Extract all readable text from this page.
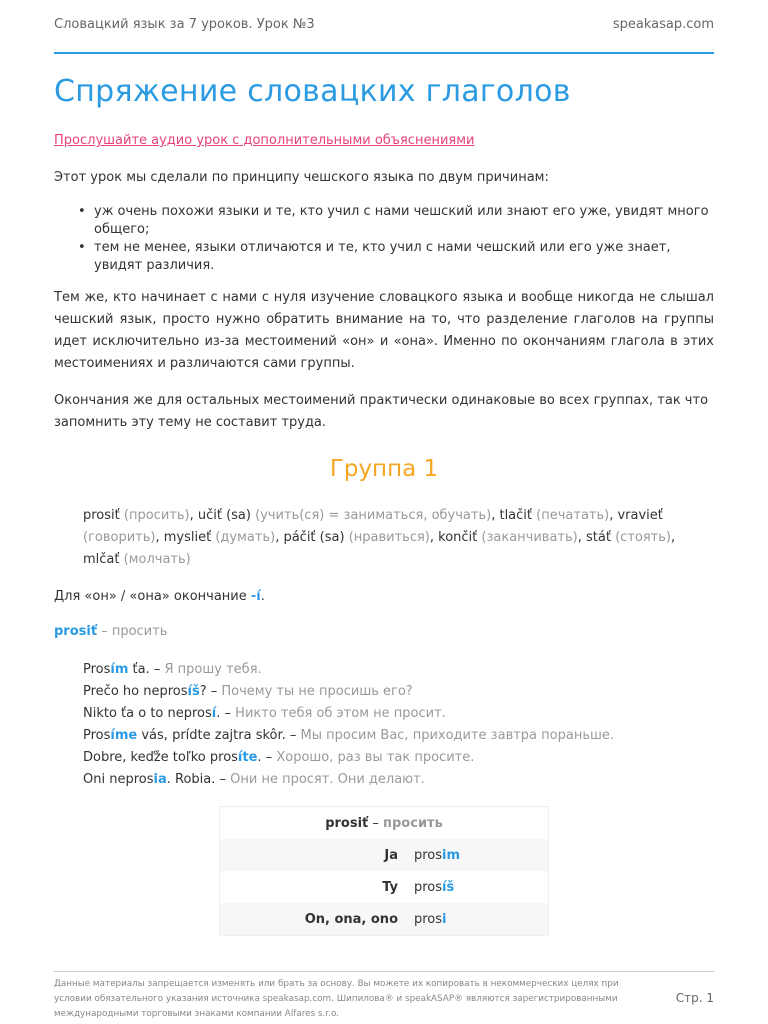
Словацкий язык за 7 уроков. Урок №3	speakasap.com
Спряжение словацких глаголов
Прослушайте аудио урок с дополнительными объяснениями

Этот урок мы сделали по принципу чешского языка по двум причинам:

• уж очень похожи языки и те, кто учил с нами чешский или знают его уже, увидят много общего;
• тем не менее, языки отличаются и те, кто учил с нами чешский или его уже знает, увидят различия.

Тем же, кто начинает с нами с нуля изучение словацкого языка и вообще никогда не слышал чешский язык, просто нужно обратить внимание на то, что разделение глаголов на группы идет исключительно из-за местоимений «он» и «она». Именно по окончаниям глагола в этих местоимениях и различаются сами группы.

Окончания же для остальных местоимений практически одинаковые во всех группах, так что запомнить эту тему не составит труда.

Группа 1
prosiť (просить), učiť (sa) (учить(ся) = заниматься, обучать), tlačiť (печатать), vravieť (говорить), myslieť (думать), páčiť (sa) (нравиться), končiť (заканчивать), stáť (стоять), mlčať (молчать)

Для «он» / «она» окончание -í.

prosiť – просить

Prosím ťa. – Я прошу тебя.
Prečo ho neprosíš? – Почему ты не просишь его?
Nikto ťa o to neprosí. – Никто тебя об этом не просит.
Prosíme vás, prídte zajtra skôr. – Мы просим Вас, приходите завтра пораньше.
Dobre, keďže toľko prosíte. – Хорошо, раз вы так просите.
Oni neprosia. Robia. – Они не просят. Они делают.
prosiť – просить	
Ja	prosim
Ty	prosíš
On, ona, ono	prosi
Данные материалы запрещается изменять или брать за основу. Вы можете их копировать в некоммерческих целях при условии обязательного указания источника speakasap.com. Шипилова® и speakASAP® являются зарегистрированными международными торговыми знаками компании Alfares s.r.o.
Стр. 1
